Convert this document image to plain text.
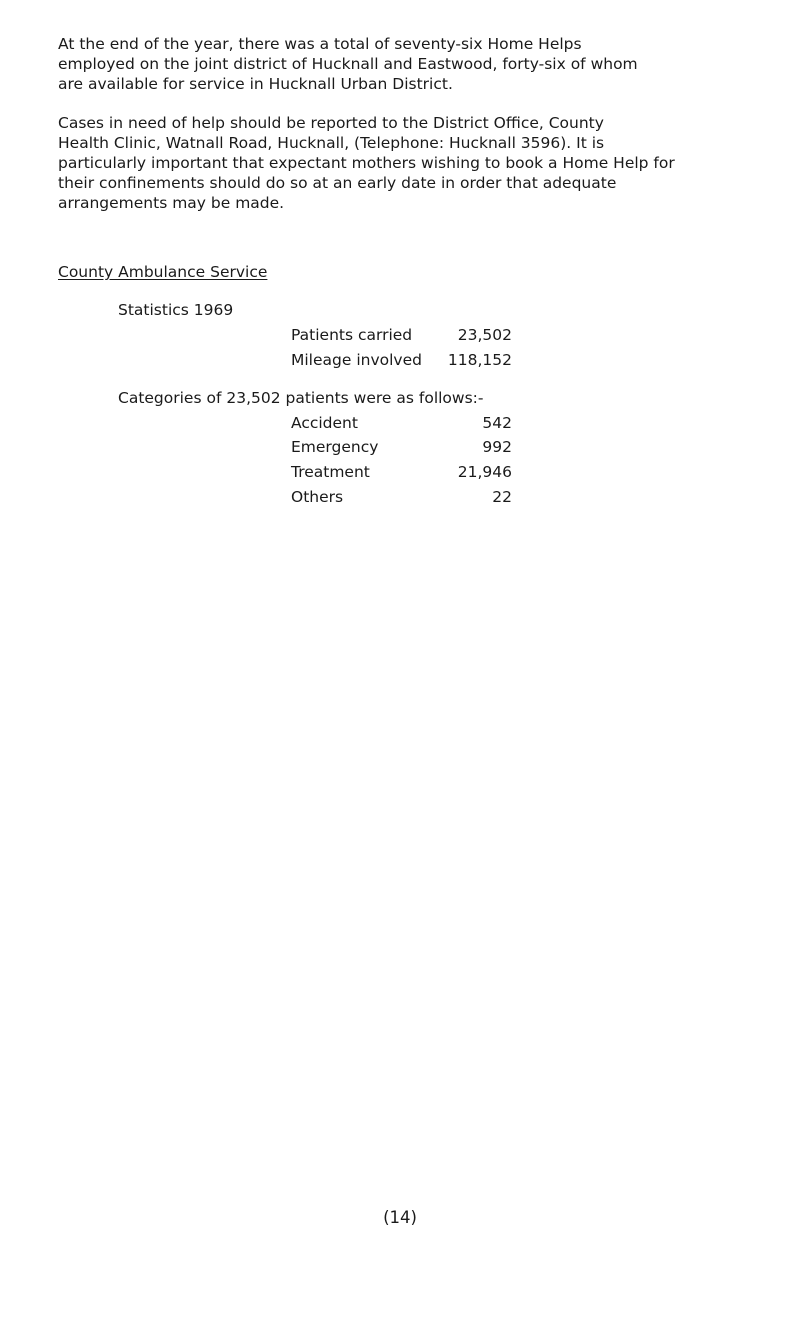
At the end of the year, there was a total of seventy-six Home Helps
employed on the joint district of Hucknall and Eastwood, forty-six of whom
are available for service in Hucknall Urban District.

Cases in need of help should be reported to the District Office, County
Health Clinic, Watnall Road, Hucknall, (Telephone: Hucknall 3596). It is
particularly important that expectant mothers wishing to book a Home Help for
their confinements should do so at an early date in order that adequate
arrangements may be made.

County Ambulance Service

Statistics 1969

Patients carried	23,502
Mileage involved 118,152

Categories of 23,502 patients were as follows:-

Accident	542
Emergency	992
Treatment	21,946
Others	22
(14)
